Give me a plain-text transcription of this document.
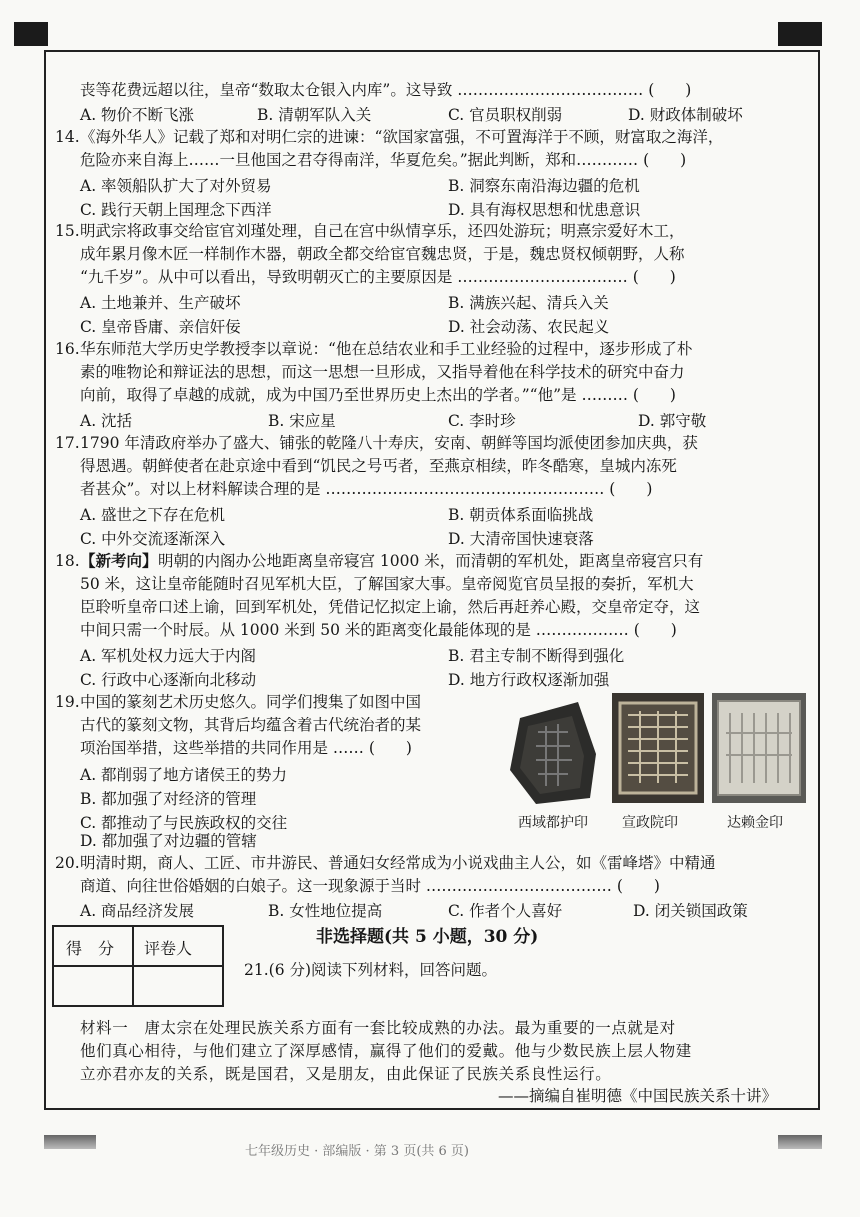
丧等花费远超以往，皇帝“数取太仓银入内库”。这导致 ……………………………… (　　)
A. 物价不断飞涨	B. 清朝军队入关	C. 官员职权削弱	D. 财政体制破坏
14. 《海外华人》记载了郑和对明仁宗的进谏：“欲国家富强，不可置海洋于不顾，财富取之海洋，
危险亦来自海上……一旦他国之君夺得南洋，华夏危矣。”据此判断，郑和………… (　　)
A. 率领船队扩大了对外贸易	B. 洞察东南沿海边疆的危机
C. 践行天朝上国理念下西洋	D. 具有海权思想和忧患意识
15. 明武宗将政事交给宦官刘瑾处理，自己在宫中纵情享乐，还四处游玩；明熹宗爱好木工，
成年累月像木匠一样制作木器，朝政全都交给宦官魏忠贤，于是，魏忠贤权倾朝野，人称
“九千岁”。从中可以看出，导致明朝灭亡的主要原因是 …………………………… (　　)
A. 土地兼并、生产破坏	B. 满族兴起、清兵入关
C. 皇帝昏庸、亲信奸佞	D. 社会动荡、农民起义
16. 华东师范大学历史学教授李以章说：“他在总结农业和手工业经验的过程中，逐步形成了朴
素的唯物论和辩证法的思想，而这一思想一旦形成，又指导着他在科学技术的研究中奋力
向前，取得了卓越的成就，成为中国乃至世界历史上杰出的学者。”“他”是 ……… (　　)
A. 沈括	B. 宋应星	C. 李时珍	D. 郭守敬
17. 1790 年清政府举办了盛大、铺张的乾隆八十寿庆，安南、朝鲜等国均派使团参加庆典，获
得恩遇。朝鲜使者在赴京途中看到“饥民之号丐者，至燕京相续，昨冬酷寒，皇城内冻死
者甚众”。对以上材料解读合理的是 ……………………………………………… (　　)
A. 盛世之下存在危机	B. 朝贡体系面临挑战
C. 中外交流逐渐深入	D. 大清帝国快速衰落
18. 【新考向】 明朝的内阁办公地距离皇帝寝宫 1000 米，而清朝的军机处，距离皇帝寝宫只有
50 米，这让皇帝能随时召见军机大臣，了解国家大事。皇帝阅览官员呈报的奏折，军机大
臣聆听皇帝口述上谕，回到军机处，凭借记忆拟定上谕，然后再赶养心殿，交皇帝定夺，这
中间只需一个时辰。从 1000 米到 50 米的距离变化最能体现的是 ……………… (　　)
A. 军机处权力远大于内阁	B. 君主专制不断得到强化
C. 行政中心逐渐向北移动	D. 地方行政权逐渐加强
19. 中国的篆刻艺术历史悠久。同学们搜集了如图中国
古代的篆刻文物，其背后均蕴含着古代统治者的某
项治国举措，这些举措的共同作用是 …… (　　)
A. 都削弱了地方诸侯王的势力
B. 都加强了对经济的管理
C. 都推动了与民族政权的交往
D. 都加强了对边疆的管辖
西域都护印 宣政院印	达赖金印
20. 明清时期，商人、工匠、市井游民、普通妇女经常成为小说戏曲主人公，如《雷峰塔》中精通
商道、向往世俗婚姻的白娘子。这一现象源于当时 ……………………………… (　　)
A. 商品经济发展	B. 女性地位提高	C. 作者个人喜好	D. 闭关锁国政策
得　分 评卷人
非选择题(共 5 小题，30 分)
21.(6 分)阅读下列材料，回答问题。
材料一　唐太宗在处理民族关系方面有一套比较成熟的办法。最为重要的一点就是对
他们真心相待，与他们建立了深厚感情，赢得了他们的爱戴。他与少数民族上层人物建
立亦君亦友的关系，既是国君，又是朋友，由此保证了民族关系良性运行。
——摘编自崔明德《中国民族关系十讲》
七年级历史 · 部编版 · 第 3 页(共 6 页)
